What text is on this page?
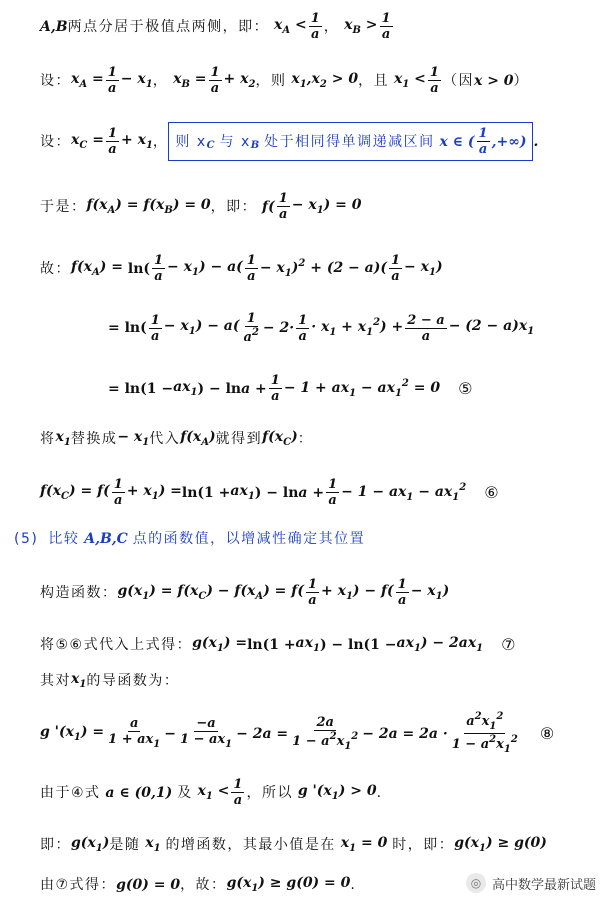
A,B 两点分居于极值点两侧，即： $x_A < \frac{1}{a}$ ， $x_B > \frac{1}{a}$
设： $x_A = \frac{1}{a} - x_1$ ， $x_B = \frac{1}{a} + x_2$ ，则 $x_1,x_2 > 0$ ，且 $x_1 < \frac{1}{a}$ （因 x > 0 ）
设： $x_C = \frac{1}{a} + x_1$ ， 则 x $_C$ 与 x $_B$ 处于相同得单调递减区间 x ∈ ( $\frac{1}{a}$ ,+∞) .
于是： $f(x_A) = f(x_B) = 0$ ，即： $f( \frac{1}{a} - x_1) = 0$
故： $f(x_A) = \ln( \frac{1}{a} - x_1) - a( \frac{1}{a} - x_1)^2 + (2 - a)( \frac{1}{a} - x_1)$
= $\ln( \frac{1}{a} - x_1) - a( \frac{1}{a^2} - 2\cdot \frac{1}{a} \cdot x_1 + x_1^2) + \frac{2 - a}{a} - (2 - a)x_1$
= $\ln(1 - ax_1$ ) − $\ln a + \frac{1}{a} - 1 + ax_1 - ax_1^2 = 0$ ⑤
将 $x_1$ 替换成 − $x_1$ 代入 $f(x_A)$ 就得到 $f(x_C)$ ：
$f(x_C) = f( \frac{1}{a} + x_1) = \ln(1 + ax_1$ ) − $\ln a + \frac{1}{a} - 1 - ax_1 - ax_1^2$ ⑥
(5) 比较 A,B,C 点的函数值，以增减性确定其位置
构造函数： $g(x_1) = f(x_C) - f(x_A) = f( \frac{1}{a} + x_1) - f( \frac{1}{a} - x_1)$
将⑤⑥式代入上式得： $g(x_1) = \ln(1 + ax_1$ ) − $\ln(1 - ax_1) - 2ax_1$ ⑦
其对 $x_1$ 的导函数为：
g '$(x_1) = \frac{a}{1 + ax_1} - \frac{-a}{1 - ax_1} - 2a = \frac{2a}{1 - a^2x_1^2} - 2a = 2a \cdot \frac{a^2x_1^2}{1 - a^2x_1^2}$ ⑧
由于④式 a ∈ (0,1) 及 $x_1 < \frac{1}{a}$ ，所以 g '$(x_1) > 0$ .
即： $g(x_1)$ 是随 $x_1$ 的增函数，其最小值是在 $x_1 = 0$ 时，即： $g(x_1) \ge g(0)$
由⑦式得： g(0) = 0 ，故： $g(x_1) \ge g(0) = 0$ .	◎ 高中数学最新试题
